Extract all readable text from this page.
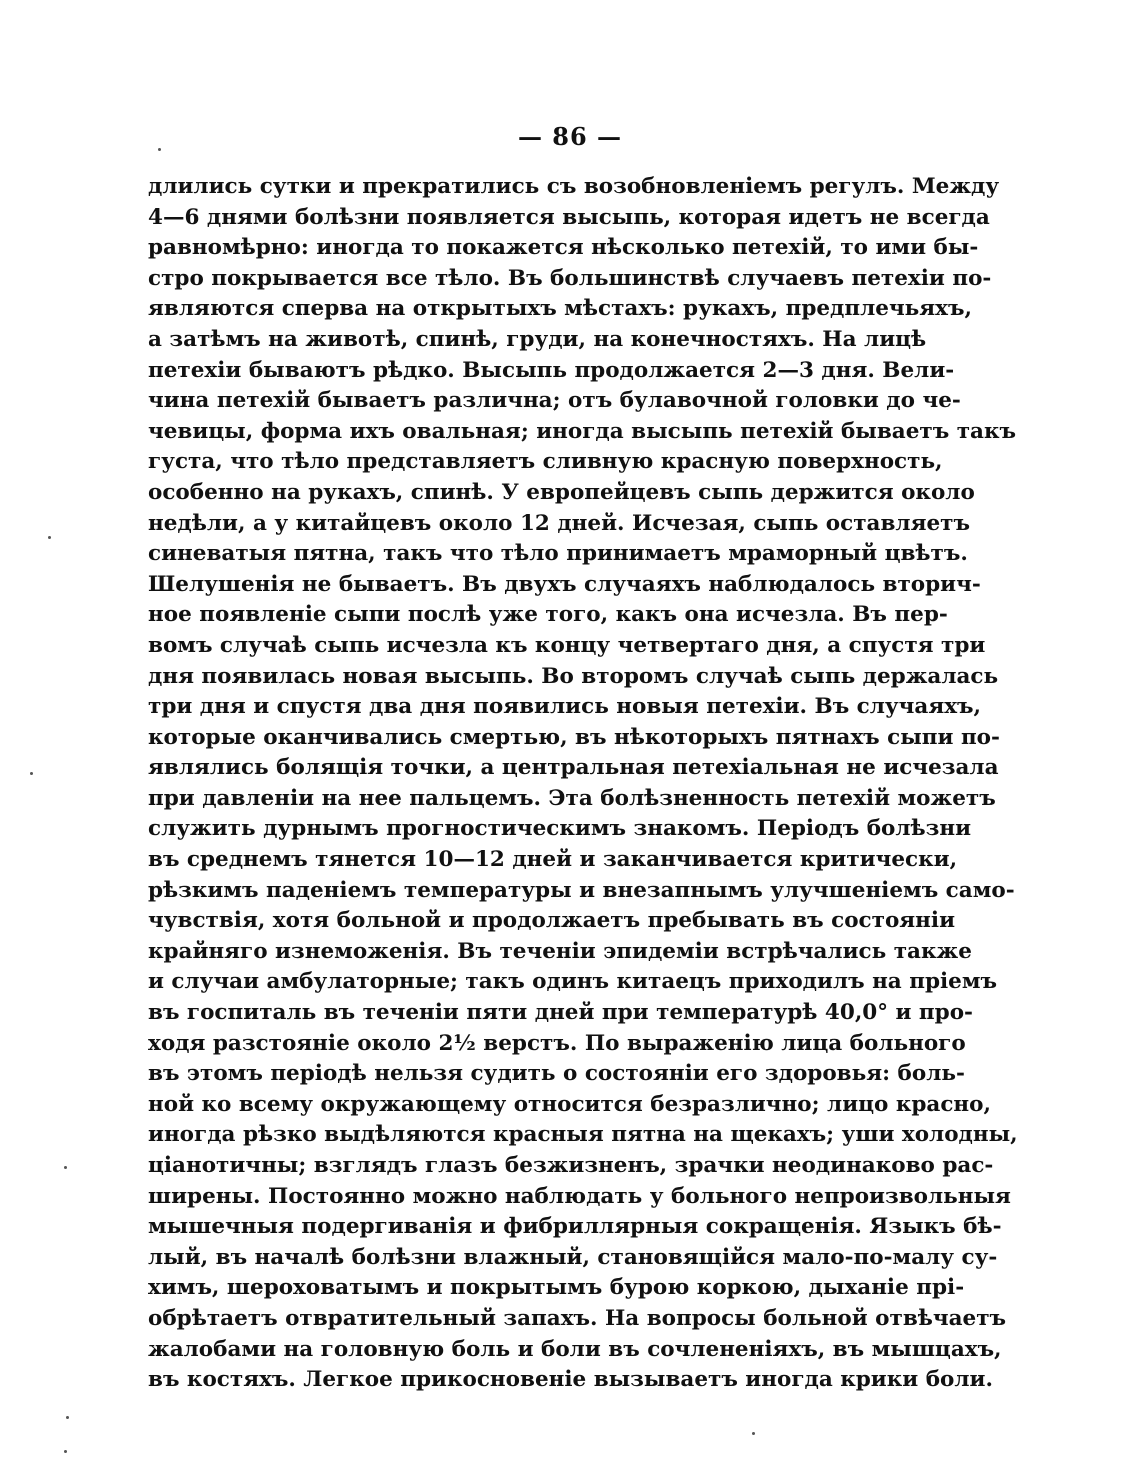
— 86 —
длились сутки и прекратились съ возобновленіемъ регулъ. Между
4—6 днями болѣзни появляется высыпь, которая идетъ не всегда
равномѣрно: иногда то покажется нѣсколько петехій, то ими бы-
стро покрывается все тѣло. Въ большинствѣ случаевъ петехіи по-
являются сперва на открытыхъ мѣстахъ: рукахъ, предплечьяхъ,
а затѣмъ на животѣ, спинѣ, груди, на конечностяхъ. На лицѣ
петехіи бываютъ рѣдко. Высыпь продолжается 2—3 дня. Вели-
чина петехій бываетъ различна; отъ булавочной головки до че-
чевицы, форма ихъ овальная; иногда высыпь петехій бываетъ такъ
густа, что тѣло представляетъ сливную красную поверхность,
особенно на рукахъ, спинѣ. У европейцевъ сыпь держится около
недѣли, а у китайцевъ около 12 дней. Исчезая, сыпь оставляетъ
синеватыя пятна, такъ что тѣло принимаетъ мраморный цвѣтъ.
Шелушенія не бываетъ. Въ двухъ случаяхъ наблюдалось вторич-
ное появленіе сыпи послѣ уже того, какъ она исчезла. Въ пер-
вомъ случаѣ сыпь исчезла къ концу четвертаго дня, а спустя три
дня появилась новая высыпь. Во второмъ случаѣ сыпь держалась
три дня и спустя два дня появились новыя петехіи. Въ случаяхъ,
которые оканчивались смертью, въ нѣкоторыхъ пятнахъ сыпи по-
являлись болящія точки, а центральная петехіальная не исчезала
при давленіи на нее пальцемъ. Эта болѣзненность петехій можетъ
служить дурнымъ прогностическимъ знакомъ. Періодъ болѣзни
въ среднемъ тянется 10—12 дней и заканчивается критически,
рѣзкимъ паденіемъ температуры и внезапнымъ улучшеніемъ само-
чувствія, хотя больной и продолжаетъ пребывать въ состояніи
крайняго изнеможенія. Въ теченіи эпидеміи встрѣчались также
и случаи амбулаторные; такъ одинъ китаецъ приходилъ на пріемъ
въ госпиталь въ теченіи пяти дней при температурѣ 40,0° и про-
ходя разстояніе около 2½ верстъ. По выраженію лица больного
въ этомъ періодѣ нельзя судить о состояніи его здоровья: боль-
ной ко всему окружающему относится безразлично; лицо красно,
иногда рѣзко выдѣляются красныя пятна на щекахъ; уши холодны,
ціанотичны; взглядъ глазъ безжизненъ, зрачки неодинаково рас-
ширены. Постоянно можно наблюдать у больного непроизвольныя
мышечныя подергиванія и фибриллярныя сокращенія. Языкъ бѣ-
лый, въ началѣ болѣзни влажный, становящійся мало-по-малу су-
химъ, шероховатымъ и покрытымъ бурою коркою, дыханіе прі-
обрѣтаетъ отвратительный запахъ. На вопросы больной отвѣчаетъ
жалобами на головную боль и боли въ сочлененіяхъ, въ мышцахъ,
въ костяхъ. Легкое прикосновеніе вызываетъ иногда крики боли.
